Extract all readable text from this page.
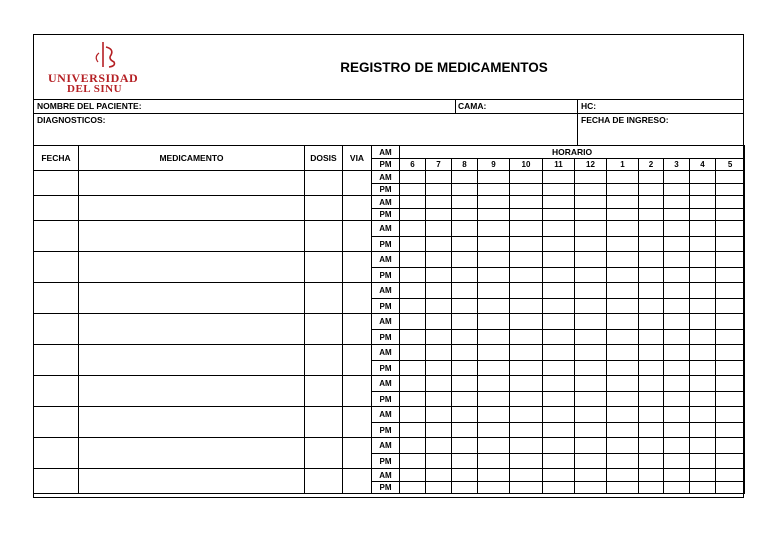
UNIVERSIDAD
DEL SINU
REGISTRO DE MEDICAMENTOS
NOMBRE DEL PACIENTE:	CAMA:	HC:
DIAGNOSTICOS:	FECHA DE INGRESO:
FECHA	MEDICAMENTO	DOSIS	VIA	AM	HORARIO											
				PM	6	7	8	9	10	11	12	1	2	3	4	5
				AM												
				PM												
				AM												
				PM												
				AM												
				PM												
				AM												
				PM												
				AM												
				PM												
				AM												
				PM												
				AM												
				PM												
				AM												
				PM												
				AM												
				PM												
				AM												
				PM												
				AM												
				PM												
